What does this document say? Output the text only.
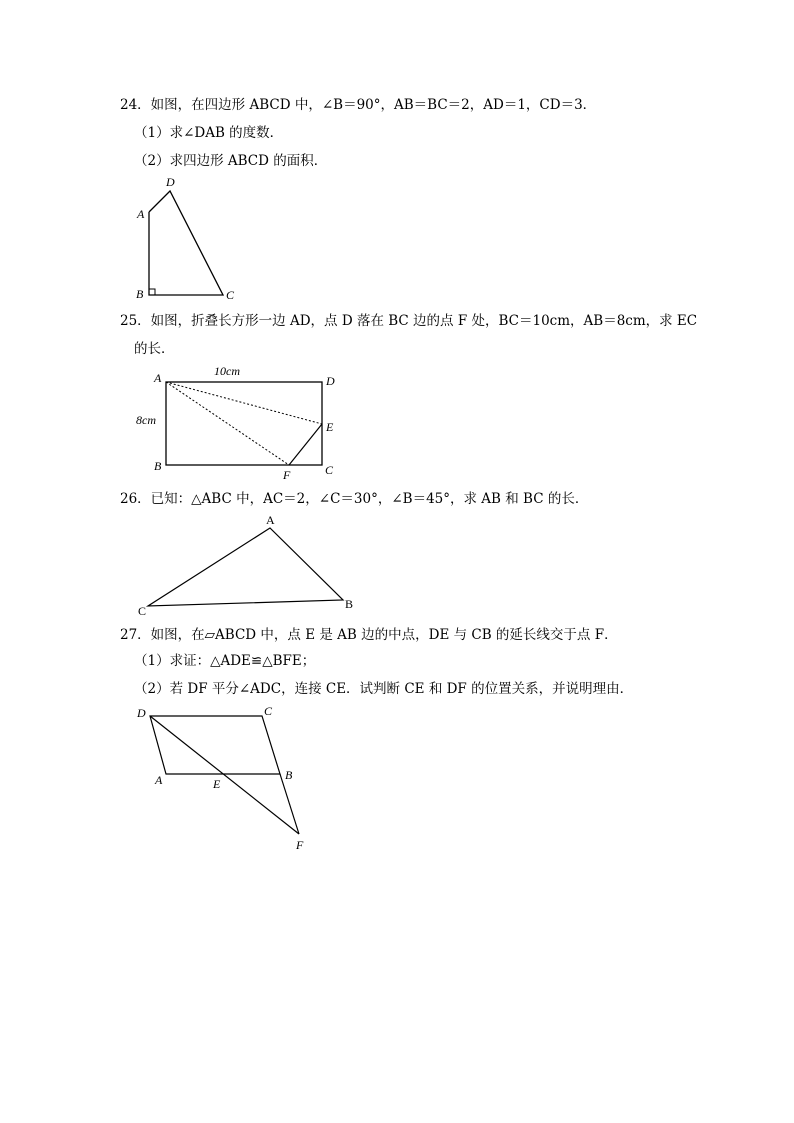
24．如图，在四边形 ABCD 中，∠B＝90°，AB＝BC＝2，AD＝1，CD＝3．
（1）求∠DAB 的度数．
（2）求四边形 ABCD 的面积．
D
A
B	C
25．如图，折叠长方形一边 AD，点 D 落在 BC 边的点 F 处，BC＝10cm，AB＝8cm，求 EC
的长．
A	D
E
B	C
F
10cm
8cm
26．已知：△ABC 中，AC＝2，∠C＝30°，∠B＝45°，求 AB 和 BC 的长．
A
C	B
27．如图，在▱ABCD 中，点 E 是 AB 边的中点，DE 与 CB 的延长线交于点 F．
（1）求证：△ADE≌△BFE；
（2）若 DF 平分∠ADC，连接 CE．试判断 CE 和 DF 的位置关系，并说明理由．
D	C
A	E
B
F
